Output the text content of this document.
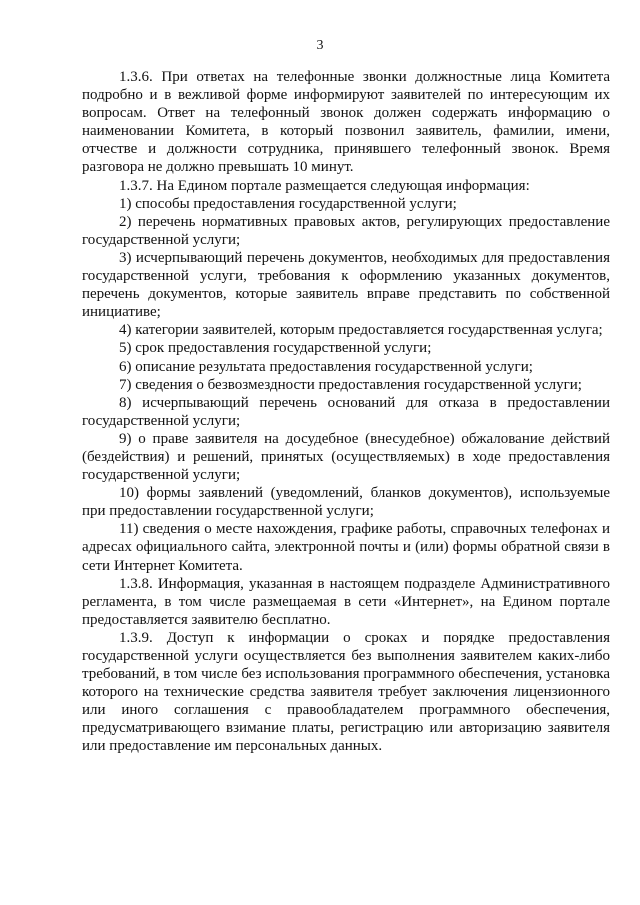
3

1.3.6. При ответах на телефонные звонки должностные лица Комитета подробно и в вежливой форме информируют заявителей по интересующим их вопросам. Ответ на телефонный звонок должен содержать информацию о наименовании Комитета, в который позвонил заявитель, фамилии, имени, отчестве и должности сотрудника, принявшего телефонный звонок. Время разговора не должно превышать 10 минут.

1.3.7. На Едином портале размещается следующая информация:

1) способы предоставления государственной услуги;

2) перечень нормативных правовых актов, регулирующих предоставление государственной услуги;

3) исчерпывающий перечень документов, необходимых для предоставления государственной услуги, требования к оформлению указанных документов, перечень документов, которые заявитель вправе представить по собственной инициативе;

4) категории заявителей, которым предоставляется государственная услуга;

5) срок предоставления государственной услуги;

6) описание результата предоставления государственной услуги;

7) сведения о безвозмездности предоставления государственной услуги;

8) исчерпывающий перечень оснований для отказа в предоставлении государственной услуги;

9) о праве заявителя на досудебное (внесудебное) обжалование действий (бездействия) и решений, принятых (осуществляемых) в ходе предоставления государственной услуги;

10) формы заявлений (уведомлений, бланков документов), используемые при предоставлении государственной услуги;

11) сведения о месте нахождения, графике работы, справочных телефонах и адресах официального сайта, электронной почты и (или) формы обратной связи в сети Интернет Комитета.

1.3.8. Информация, указанная в настоящем подразделе Административного регламента, в том числе размещаемая в сети «Интернет», на Едином портале предоставляется заявителю бесплатно.

1.3.9. Доступ к информации о сроках и порядке предоставления государственной услуги осуществляется без выполнения заявителем каких-либо требований, в том числе без использования программного обеспечения, установка которого на технические средства заявителя требует заключения лицензионного или иного соглашения с правообладателем программного обеспечения, предусматривающего взимание платы, регистрацию или авторизацию заявителя или предоставление им персональных данных.
